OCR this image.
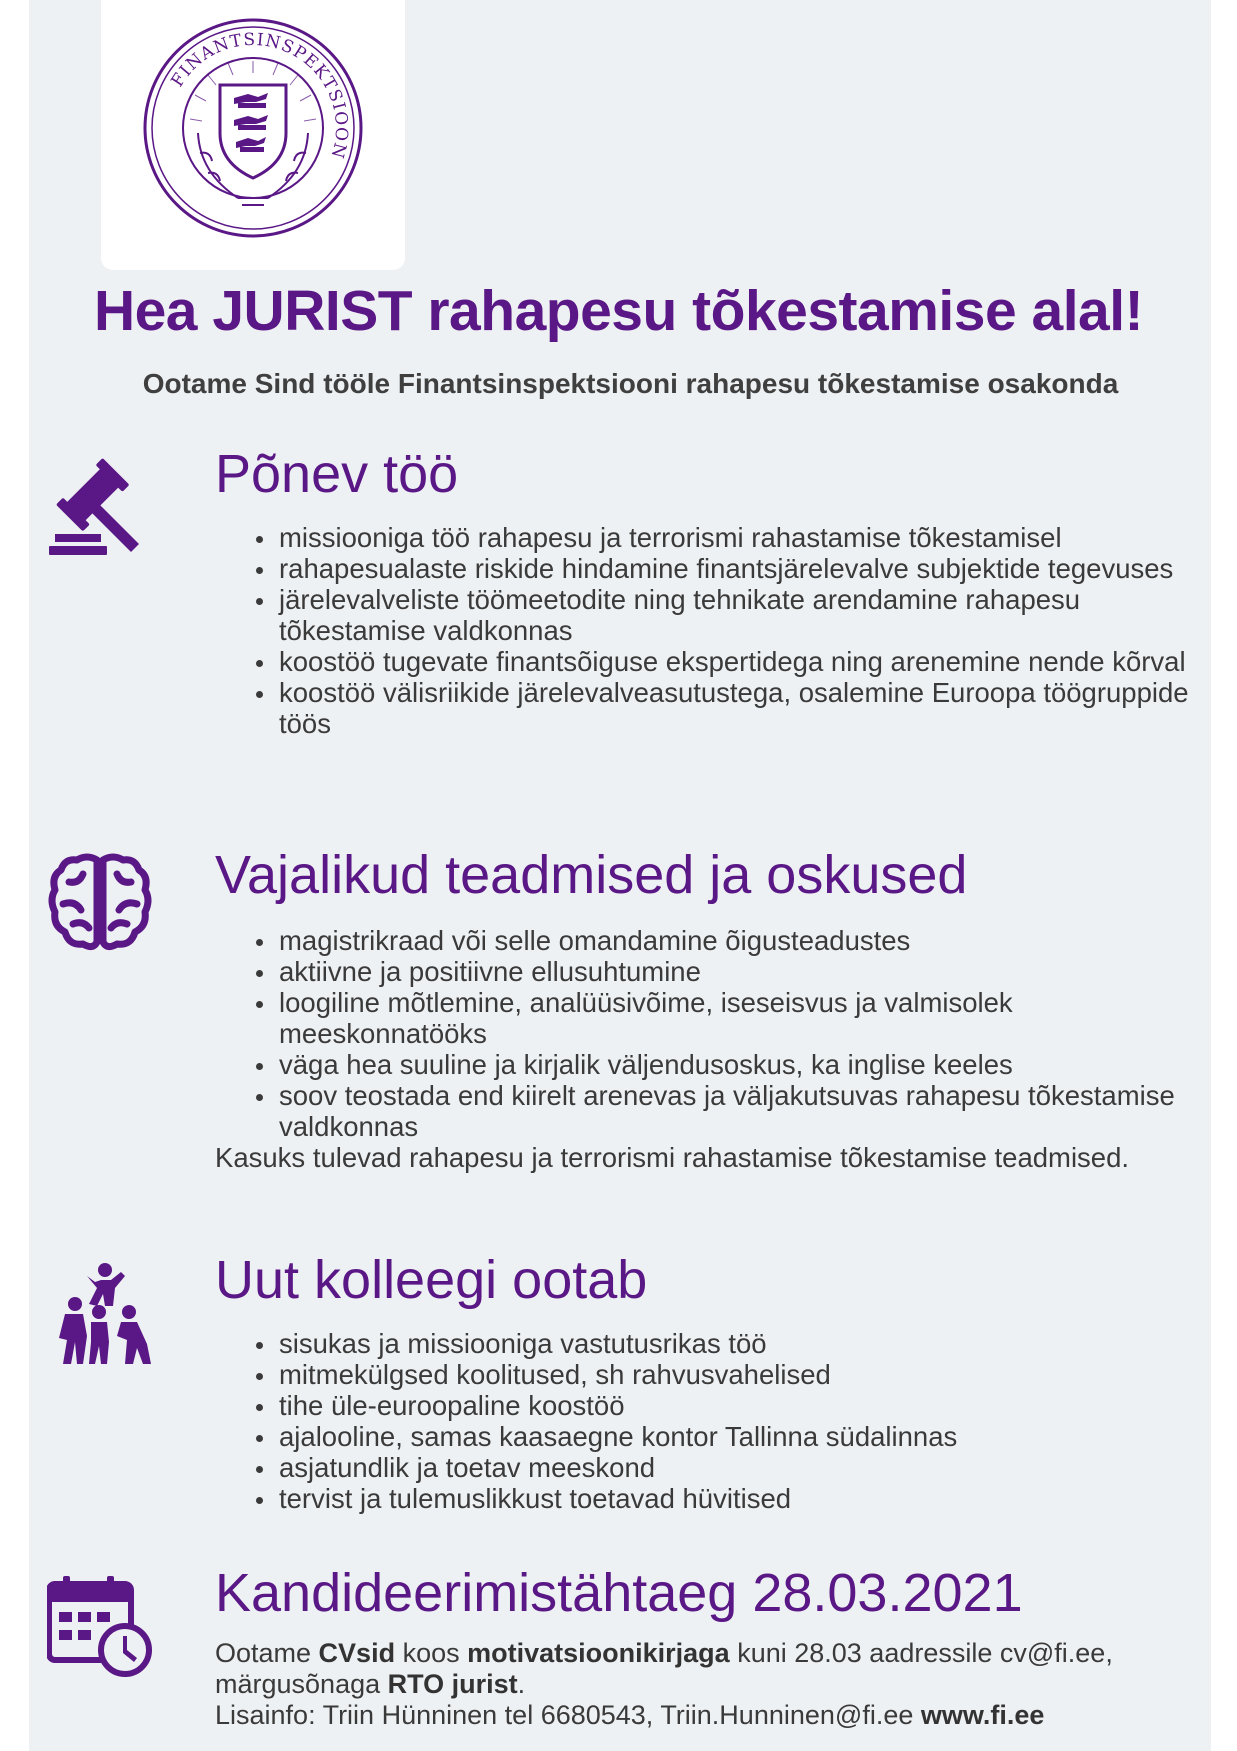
FINANTSINSPEKTSIOON
Hea JURIST rahapesu tõkestamise alal!
Ootame Sind tööle Finantsinspektsiooni rahapesu tõkestamise osakonda
Põnev töö
• missiooniga töö rahapesu ja terrorismi rahastamise tõkestamisel
• rahapesualaste riskide hindamine finantsjärelevalve subjektide tegevuses
• järelevalveliste töömeetodite ning tehnikate arendamine rahapesu tõkestamise valdkonnas
• koostöö tugevate finantsõiguse ekspertidega ning arenemine nende kõrval
• koostöö välisriikide järelevalveasutustega, osalemine Euroopa töögruppide töös
Vajalikud teadmised ja oskused
• magistrikraad või selle omandamine õigusteadustes
• aktiivne ja positiivne ellusuhtumine
• loogiline mõtlemine, analüüsivõime, iseseisvus ja valmisolek meeskonnatööks
• väga hea suuline ja kirjalik väljendusoskus, ka inglise keeles
• soov teostada end kiirelt arenevas ja väljakutsuvas rahapesu tõkestamise valdkonnas
Kasuks tulevad rahapesu ja terrorismi rahastamise tõkestamise teadmised.
Uut kolleegi ootab
• sisukas ja missiooniga vastutusrikas töö
• mitmekülgsed koolitused, sh rahvusvahelised
• tihe üle-euroopaline koostöö
• ajalooline, samas kaasaegne kontor Tallinna südalinnas
• asjatundlik ja toetav meeskond
• tervist ja tulemuslikkust toetavad hüvitised
Kandideerimistähtaeg 28.03.2021
Ootame CVsid koos motivatsioonikirjaga kuni 28.03 aadressile cv@fi.ee, märgusõnaga RTO jurist.
Lisainfo: Triin Hünninen tel 6680543, Triin.Hunninen@fi.ee www.fi.ee
